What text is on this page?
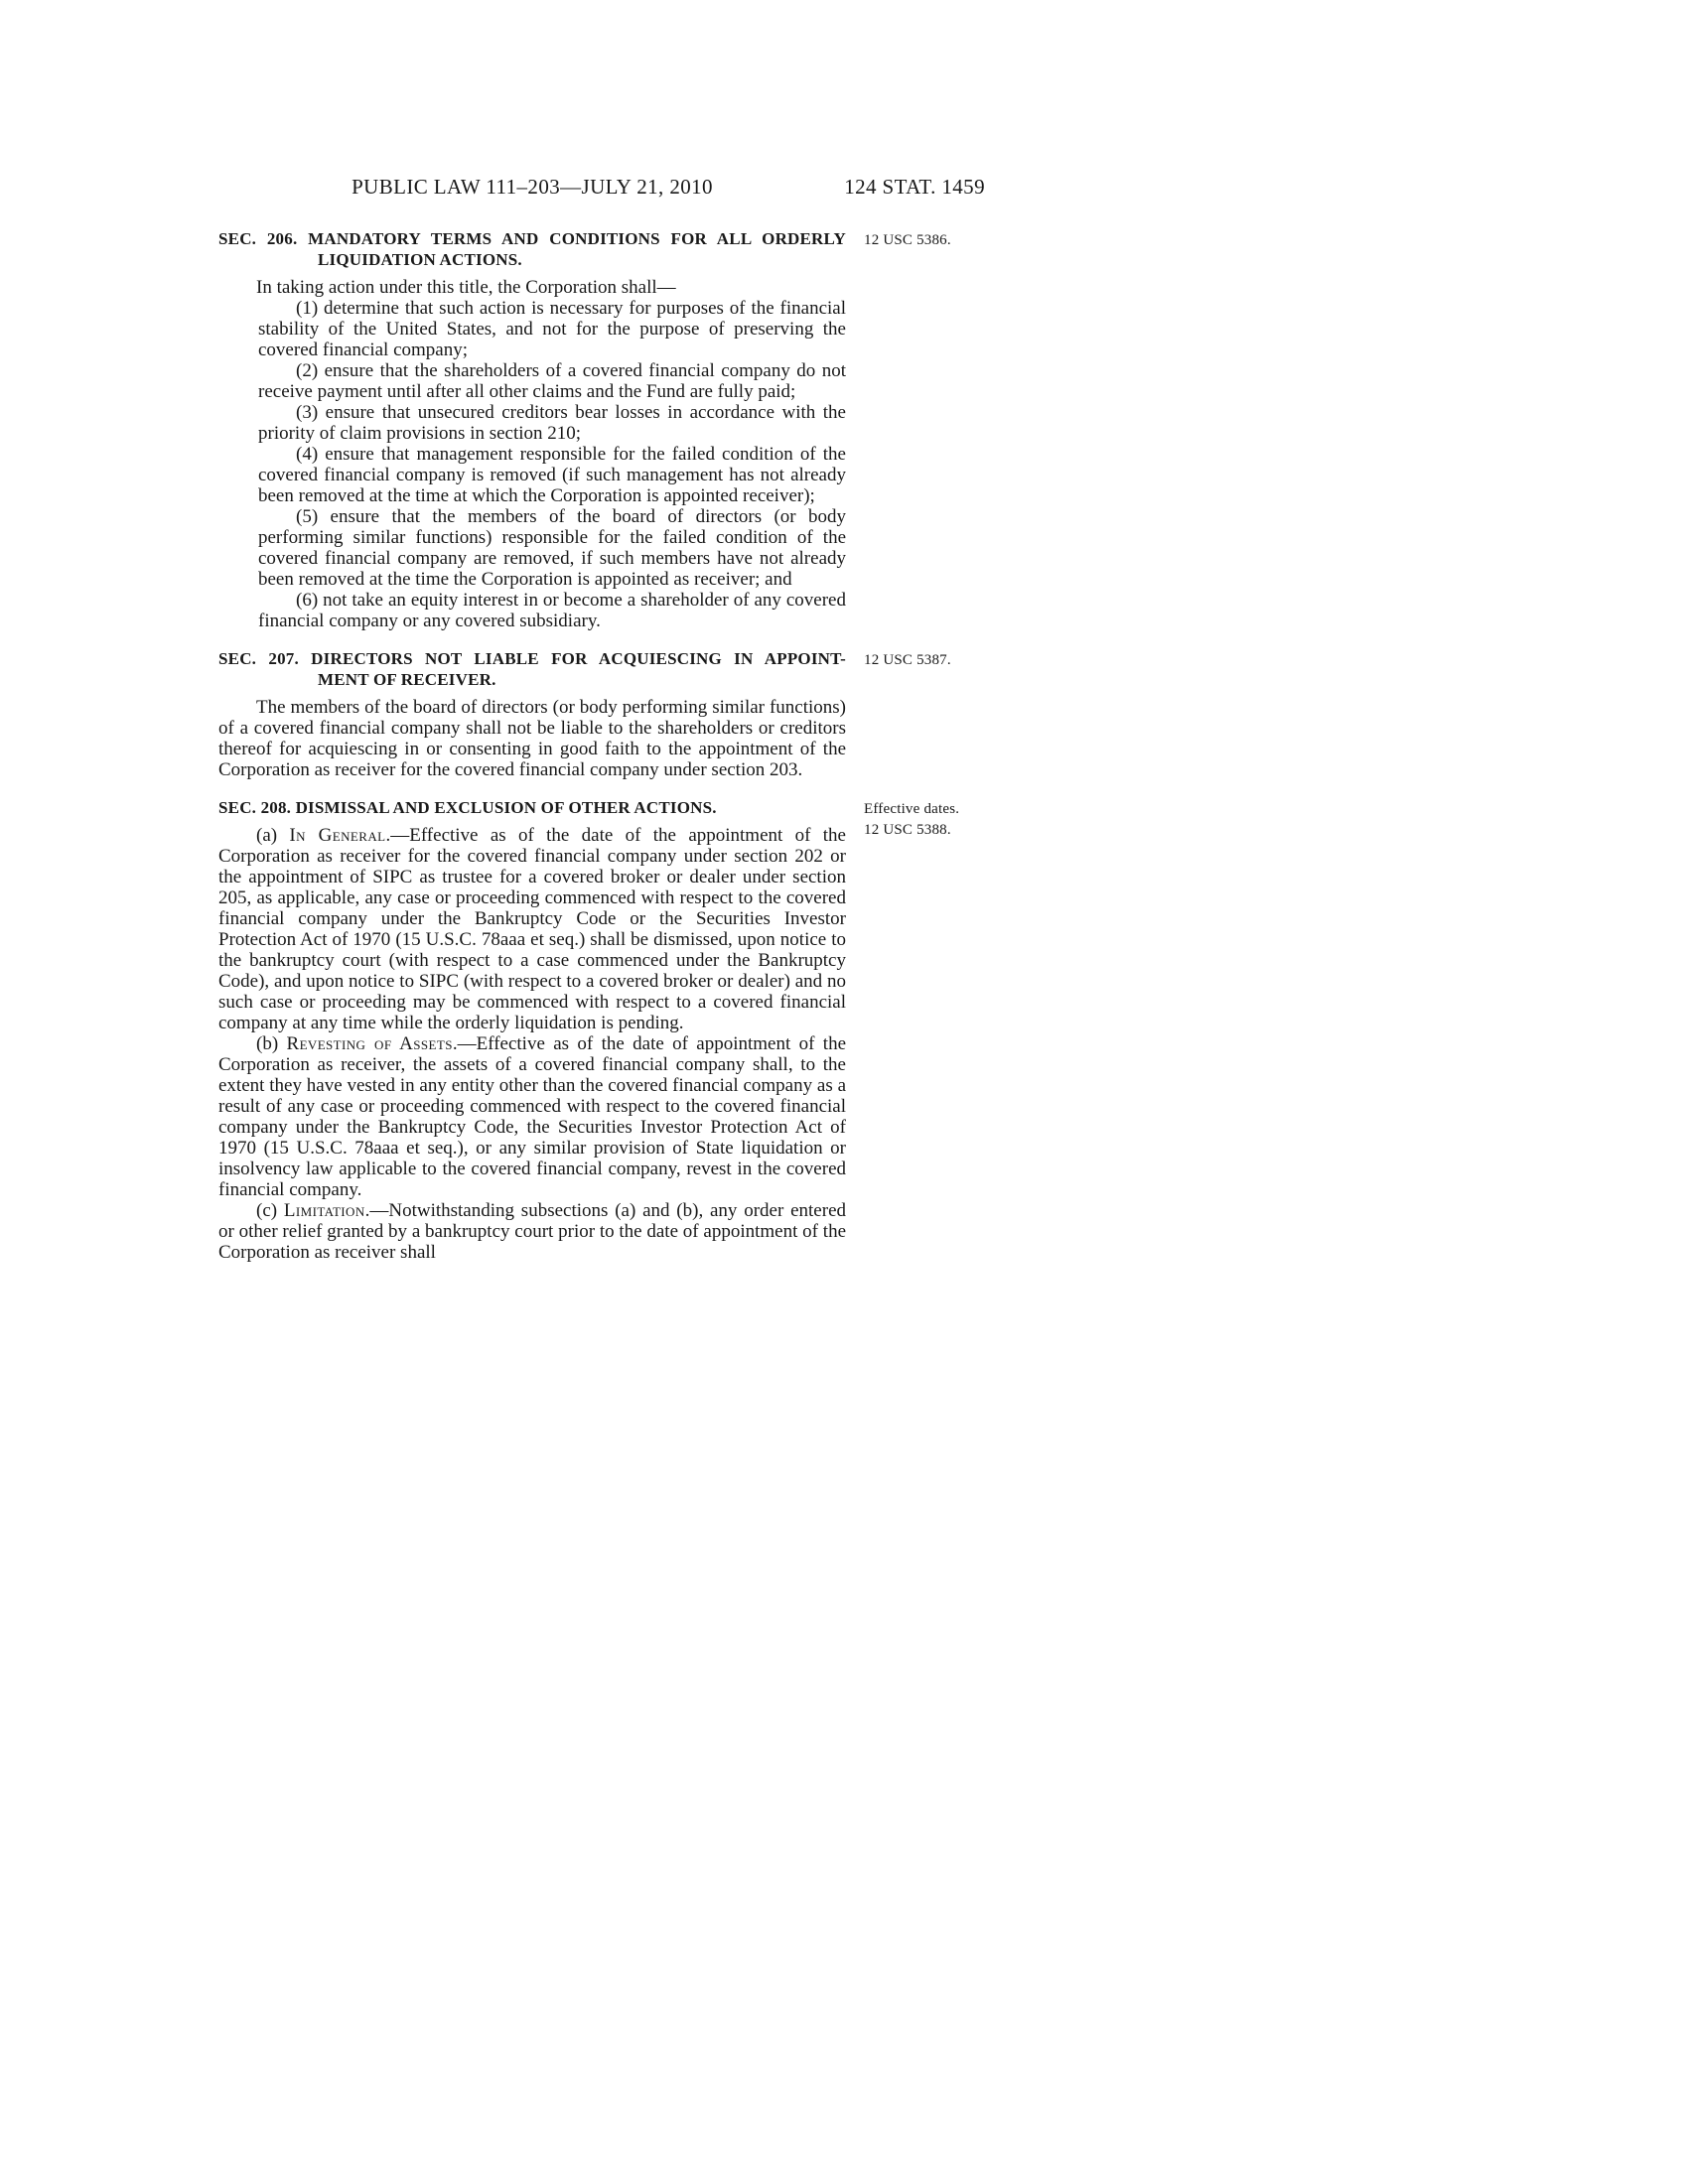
PUBLIC LAW 111–203—JULY 21, 2010	124 STAT. 1459
12 USC 5386.
SEC. 206. MANDATORY TERMS AND CONDITIONS FOR ALL ORDERLY
LIQUIDATION ACTIONS.

In taking action under this title, the Corporation shall—

(1) determine that such action is necessary for purposes of the financial stability of the United States, and not for the purpose of preserving the covered financial company;

(2) ensure that the shareholders of a covered financial company do not receive payment until after all other claims and the Fund are fully paid;

(3) ensure that unsecured creditors bear losses in accordance with the priority of claim provisions in section 210;

(4) ensure that management responsible for the failed condition of the covered financial company is removed (if such management has not already been removed at the time at which the Corporation is appointed receiver);

(5) ensure that the members of the board of directors (or body performing similar functions) responsible for the failed condition of the covered financial company are removed, if such members have not already been removed at the time the Corporation is appointed as receiver; and

(6) not take an equity interest in or become a shareholder of any covered financial company or any covered subsidiary.

12 USC 5387.
SEC. 207. DIRECTORS NOT LIABLE FOR ACQUIESCING IN APPOINT-
MENT OF RECEIVER.

The members of the board of directors (or body performing similar functions) of a covered financial company shall not be liable to the shareholders or creditors thereof for acquiescing in or consenting in good faith to the appointment of the Corporation as receiver for the covered financial company under section 203.

Effective dates.
12 USC 5388.
SEC. 208. DISMISSAL AND EXCLUSION OF OTHER ACTIONS.

(a) In General.—Effective as of the date of the appointment of the Corporation as receiver for the covered financial company under section 202 or the appointment of SIPC as trustee for a covered broker or dealer under section 205, as applicable, any case or proceeding commenced with respect to the covered financial company under the Bankruptcy Code or the Securities Investor Protection Act of 1970 (15 U.S.C. 78aaa et seq.) shall be dismissed, upon notice to the bankruptcy court (with respect to a case commenced under the Bankruptcy Code), and upon notice to SIPC (with respect to a covered broker or dealer) and no such case or proceeding may be commenced with respect to a covered financial company at any time while the orderly liquidation is pending.

(b) Revesting of Assets.—Effective as of the date of appointment of the Corporation as receiver, the assets of a covered financial company shall, to the extent they have vested in any entity other than the covered financial company as a result of any case or proceeding commenced with respect to the covered financial company under the Bankruptcy Code, the Securities Investor Protection Act of 1970 (15 U.S.C. 78aaa et seq.), or any similar provision of State liquidation or insolvency law applicable to the covered financial company, revest in the covered financial company.

(c) Limitation.—Notwithstanding subsections (a) and (b), any order entered or other relief granted by a bankruptcy court prior to the date of appointment of the Corporation as receiver shall
